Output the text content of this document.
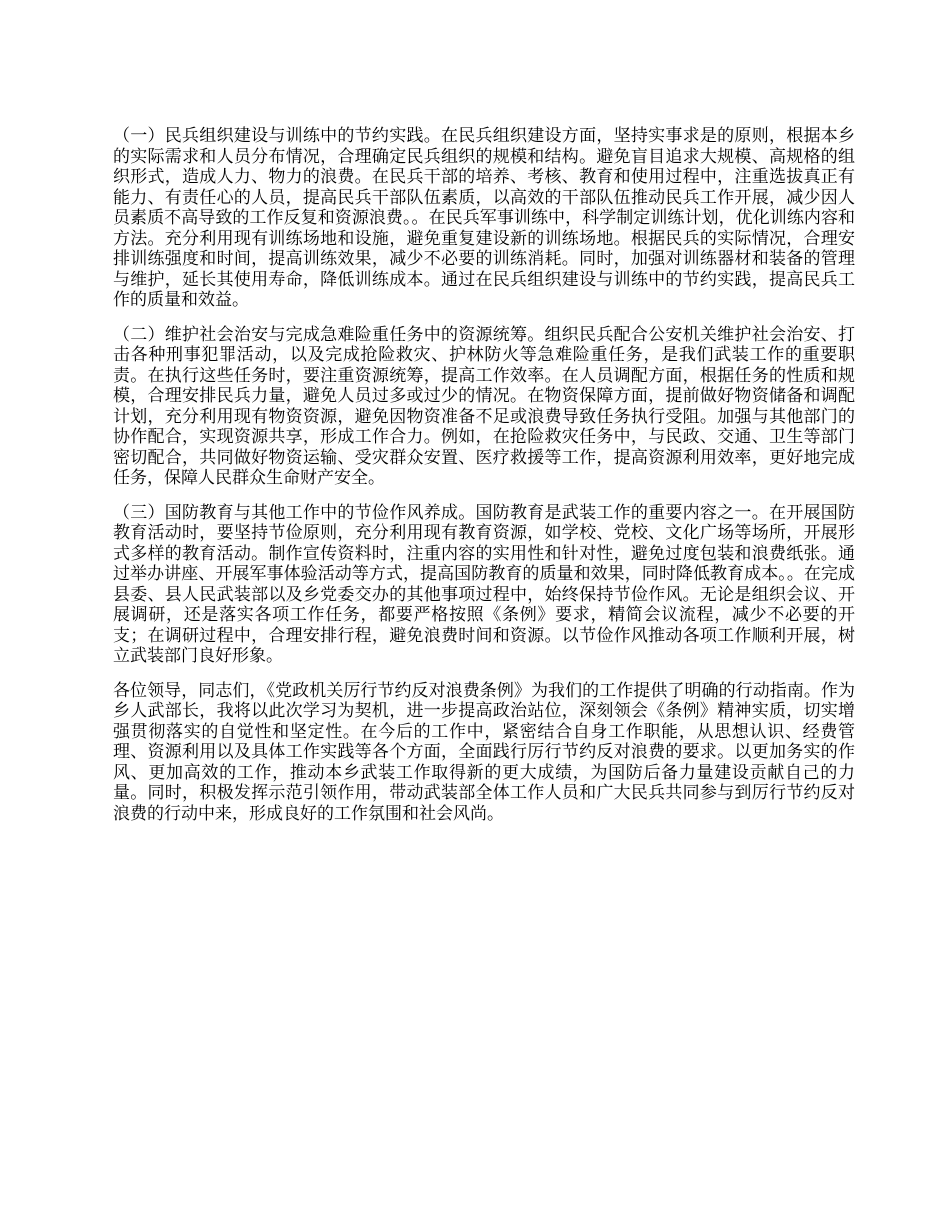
（一）民兵组织建设与训练中的节约实践。在民兵组织建设方面，坚持实事求是的原则，根据本乡的实际需求和人员分布情况，合理确定民兵组织的规模和结构。避免盲目追求大规模、高规格的组织形式，造成人力、物力的浪费。在民兵干部的培养、考核、教育和使用过程中，注重选拔真正有能力、有责任心的人员，提高民兵干部队伍素质，以高效的干部队伍推动民兵工作开展，减少因人员素质不高导致的工作反复和资源浪费。。在民兵军事训练中，科学制定训练计划，优化训练内容和方法。充分利用现有训练场地和设施，避免重复建设新的训练场地。根据民兵的实际情况，合理安排训练强度和时间，提高训练效果，减少不必要的训练消耗。同时，加强对训练器材和装备的管理与维护，延长其使用寿命，降低训练成本。通过在民兵组织建设与训练中的节约实践，提高民兵工作的质量和效益。

（二）维护社会治安与完成急难险重任务中的资源统筹。组织民兵配合公安机关维护社会治安、打击各种刑事犯罪活动，以及完成抢险救灾、护林防火等急难险重任务，是我们武装工作的重要职责。在执行这些任务时，要注重资源统筹，提高工作效率。在人员调配方面，根据任务的性质和规模，合理安排民兵力量，避免人员过多或过少的情况。在物资保障方面，提前做好物资储备和调配计划，充分利用现有物资资源，避免因物资准备不足或浪费导致任务执行受阻。加强与其他部门的协作配合，实现资源共享，形成工作合力。例如，在抢险救灾任务中，与民政、交通、卫生等部门密切配合，共同做好物资运输、受灾群众安置、医疗救援等工作，提高资源利用效率，更好地完成任务，保障人民群众生命财产安全。

（三）国防教育与其他工作中的节俭作风养成。国防教育是武装工作的重要内容之一。在开展国防教育活动时，要坚持节俭原则，充分利用现有教育资源，如学校、党校、文化广场等场所，开展形式多样的教育活动。制作宣传资料时，注重内容的实用性和针对性，避免过度包装和浪费纸张。通过举办讲座、开展军事体验活动等方式，提高国防教育的质量和效果，同时降低教育成本。。在完成县委、县人民武装部以及乡党委交办的其他事项过程中，始终保持节俭作风。无论是组织会议、开展调研，还是落实各项工作任务，都要严格按照《条例》要求，精简会议流程，减少不必要的开支；在调研过程中，合理安排行程，避免浪费时间和资源。以节俭作风推动各项工作顺利开展，树立武装部门良好形象。

各位领导，同志们，《党政机关厉行节约反对浪费条例》为我们的工作提供了明确的行动指南。作为乡人武部长，我将以此次学习为契机，进一步提高政治站位，深刻领会《条例》精神实质，切实增强贯彻落实的自觉性和坚定性。在今后的工作中，紧密结合自身工作职能，从思想认识、经费管理、资源利用以及具体工作实践等各个方面，全面践行厉行节约反对浪费的要求。以更加务实的作风、更加高效的工作，推动本乡武装工作取得新的更大成绩，为国防后备力量建设贡献自己的力量。同时，积极发挥示范引领作用，带动武装部全体工作人员和广大民兵共同参与到厉行节约反对浪费的行动中来，形成良好的工作氛围和社会风尚。
